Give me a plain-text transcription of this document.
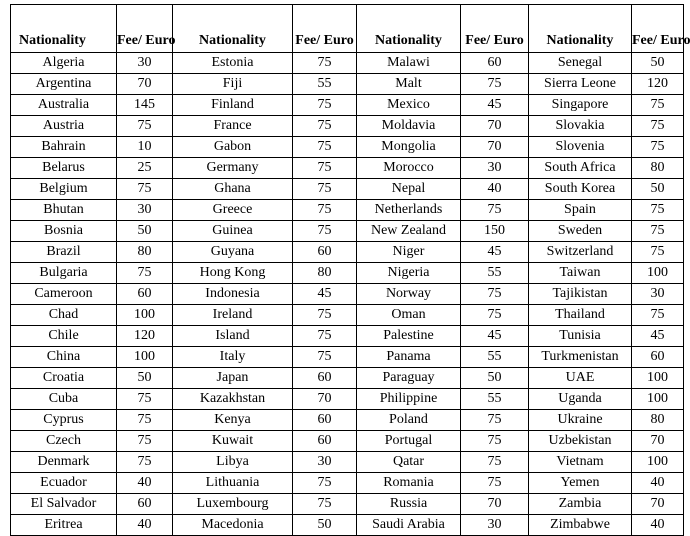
Nationality	Fee/ Euro	Nationality	Fee/ Euro	Nationality	Fee/ Euro	Nationality	Fee/ Euro
Algeria	30	Estonia	75	Malawi	60	Senegal	50
Argentina	70	Fiji	55	Malt	75	Sierra Leone	120
Australia	145	Finland	75	Mexico	45	Singapore	75
Austria	75	France	75	Moldavia	70	Slovakia	75
Bahrain	10	Gabon	75	Mongolia	70	Slovenia	75
Belarus	25	Germany	75	Morocco	30	South Africa	80
Belgium	75	Ghana	75	Nepal	40	South Korea	50
Bhutan	30	Greece	75	Netherlands	75	Spain	75
Bosnia	50	Guinea	75	New Zealand	150	Sweden	75
Brazil	80	Guyana	60	Niger	45	Switzerland	75
Bulgaria	75	Hong Kong	80	Nigeria	55	Taiwan	100
Cameroon	60	Indonesia	45	Norway	75	Tajikistan	30
Chad	100	Ireland	75	Oman	75	Thailand	75
Chile	120	Island	75	Palestine	45	Tunisia	45
China	100	Italy	75	Panama	55	Turkmenistan	60
Croatia	50	Japan	60	Paraguay	50	UAE	100
Cuba	75	Kazakhstan	70	Philippine	55	Uganda	100
Cyprus	75	Kenya	60	Poland	75	Ukraine	80
Czech	75	Kuwait	60	Portugal	75	Uzbekistan	70
Denmark	75	Libya	30	Qatar	75	Vietnam	100
Ecuador	40	Lithuania	75	Romania	75	Yemen	40
El Salvador	60	Luxembourg	75	Russia	70	Zambia	70
Eritrea	40	Macedonia	50	Saudi Arabia	30	Zimbabwe	40
